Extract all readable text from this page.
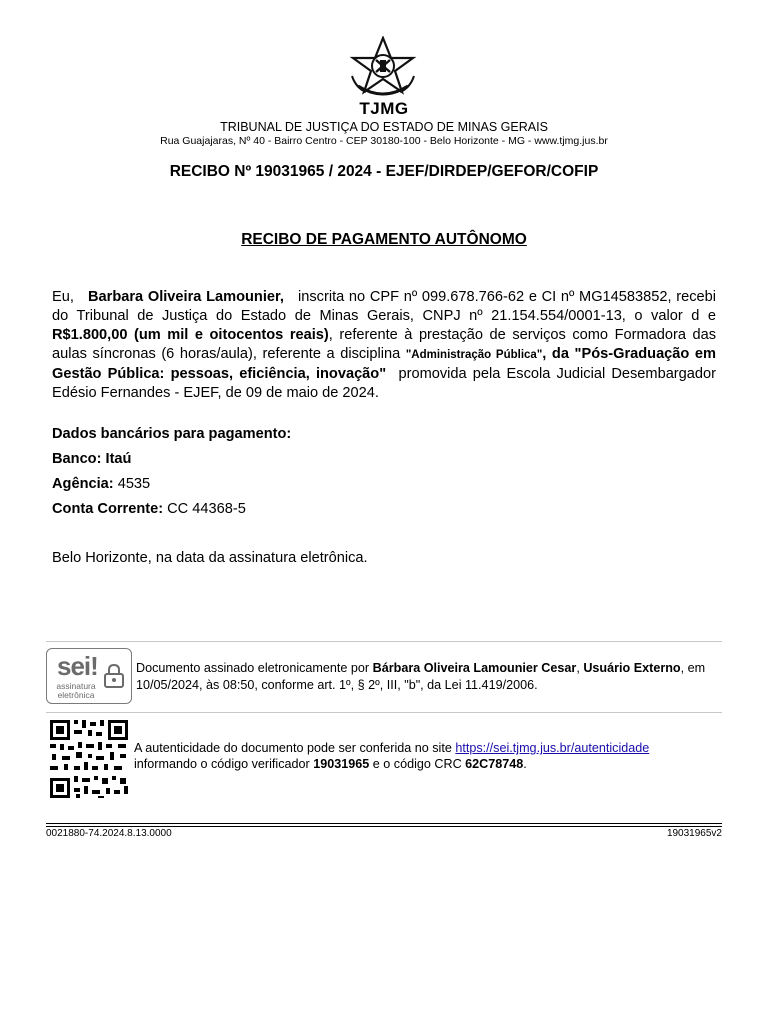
TJMG
TRIBUNAL DE JUSTIÇA DO ESTADO DE MINAS GERAIS
Rua Guajajaras, Nº 40 - Bairro Centro - CEP 30180-100 - Belo Horizonte - MG - www.tjmg.jus.br
RECIBO Nº 19031965 / 2024 - EJEF/DIRDEP/GEFOR/COFIP
RECIBO DE PAGAMENTO AUTÔNOMO
Eu, Barbara Oliveira Lamounier, inscrita no CPF nº 099.678.766-62 e CI nº MG14583852, recebi do Tribunal de Justiça do Estado de Minas Gerais, CNPJ nº 21.154.554/0001-13, o valor d e R$1.800,00 (um mil e oitocentos reais), referente à prestação de serviços como Formadora das aulas síncronas (6 horas/aula), referente a disciplina "Administração Pública", da "Pós-Graduação em Gestão Pública: pessoas, eficiência, inovação" promovida pela Escola Judicial Desembargador Edésio Fernandes - EJEF, de 09 de maio de 2024.
Dados bancários para pagamento:
Banco: Itaú
Agência: 4535
Conta Corrente: CC 44368-5
Belo Horizonte, na data da assinatura eletrônica.
sei!
assinatura eletrônica
Documento assinado eletronicamente por Bárbara Oliveira Lamounier Cesar, Usuário Externo, em 10/05/2024, às 08:50, conforme art. 1º, § 2º, III, "b", da Lei 11.419/2006.
A autenticidade do documento pode ser conferida no site https://sei.tjmg.jus.br/autenticidade
informando o código verificador 19031965 e o código CRC 62C78748.
0021880-74.2024.8.13.0000	19031965v2
